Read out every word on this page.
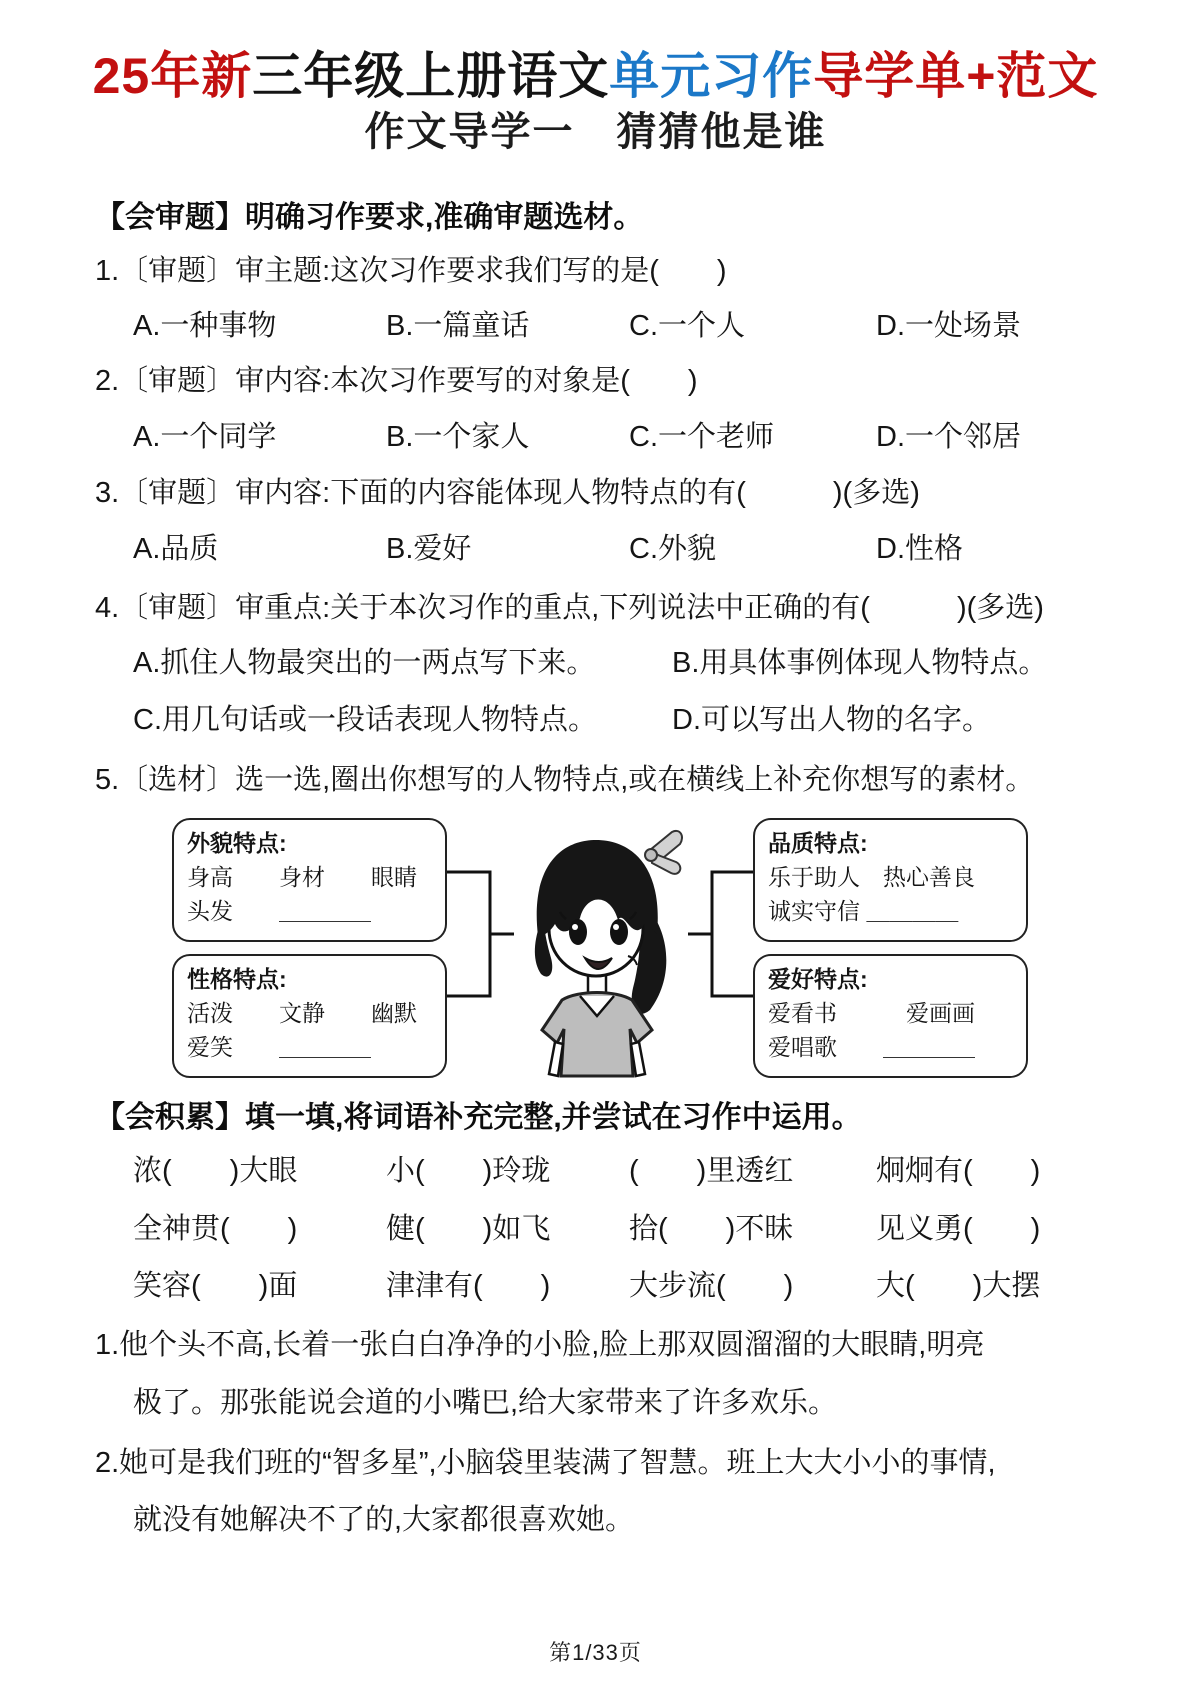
25年新三年级上册语文单元习作导学单+范文
作文导学一　猜猜他是谁
【会审题】明确习作要求,准确审题选材。
1.〔审题〕审主题:这次习作要求我们写的是(　　)
A.一种事物	B.一篇童话	C.一个人	D.一处场景
2.〔审题〕审内容:本次习作要写的对象是(　　)
A.一个同学	B.一个家人	C.一个老师	D.一个邻居
3.〔审题〕审内容:下面的内容能体现人物特点的有(　　　)(多选)
A.品质	B.爱好	C.外貌	D.性格
4.〔审题〕审重点:关于本次习作的重点,下列说法中正确的有(　　　)(多选)
A.抓住人物最突出的一两点写下来。	B.用具体事例体现人物特点。
C.用几句话或一段话表现人物特点。	D.可以写出人物的名字。
5.〔选材〕选一选,圈出你想写的人物特点,或在横线上补充你想写的素材。
外貌特点:
身高　　身材　　眼睛
头发　　＿＿＿＿
性格特点:
活泼　　文静　　幽默
爱笑　　＿＿＿＿
品质特点:
乐于助人　热心善良
诚实守信 ＿＿＿＿
爱好特点:
爱看书　　　爱画画
爱唱歌　　＿＿＿＿
【会积累】填一填,将词语补充完整,并尝试在习作中运用。
浓(　　)大眼	小(　　)玲珑	(　　)里透红	炯炯有(　　)
全神贯(　　)	健(　　)如飞	拾(　　)不昧	见义勇(　　)
笑容(　　)面	津津有(　　)	大步流(　　)	大(　　)大摆
1.他个头不高,长着一张白白净净的小脸,脸上那双圆溜溜的大眼睛,明亮
极了。那张能说会道的小嘴巴,给大家带来了许多欢乐。
2.她可是我们班的“智多星”,小脑袋里装满了智慧。班上大大小小的事情,
就没有她解决不了的,大家都很喜欢她。
第1/33页
